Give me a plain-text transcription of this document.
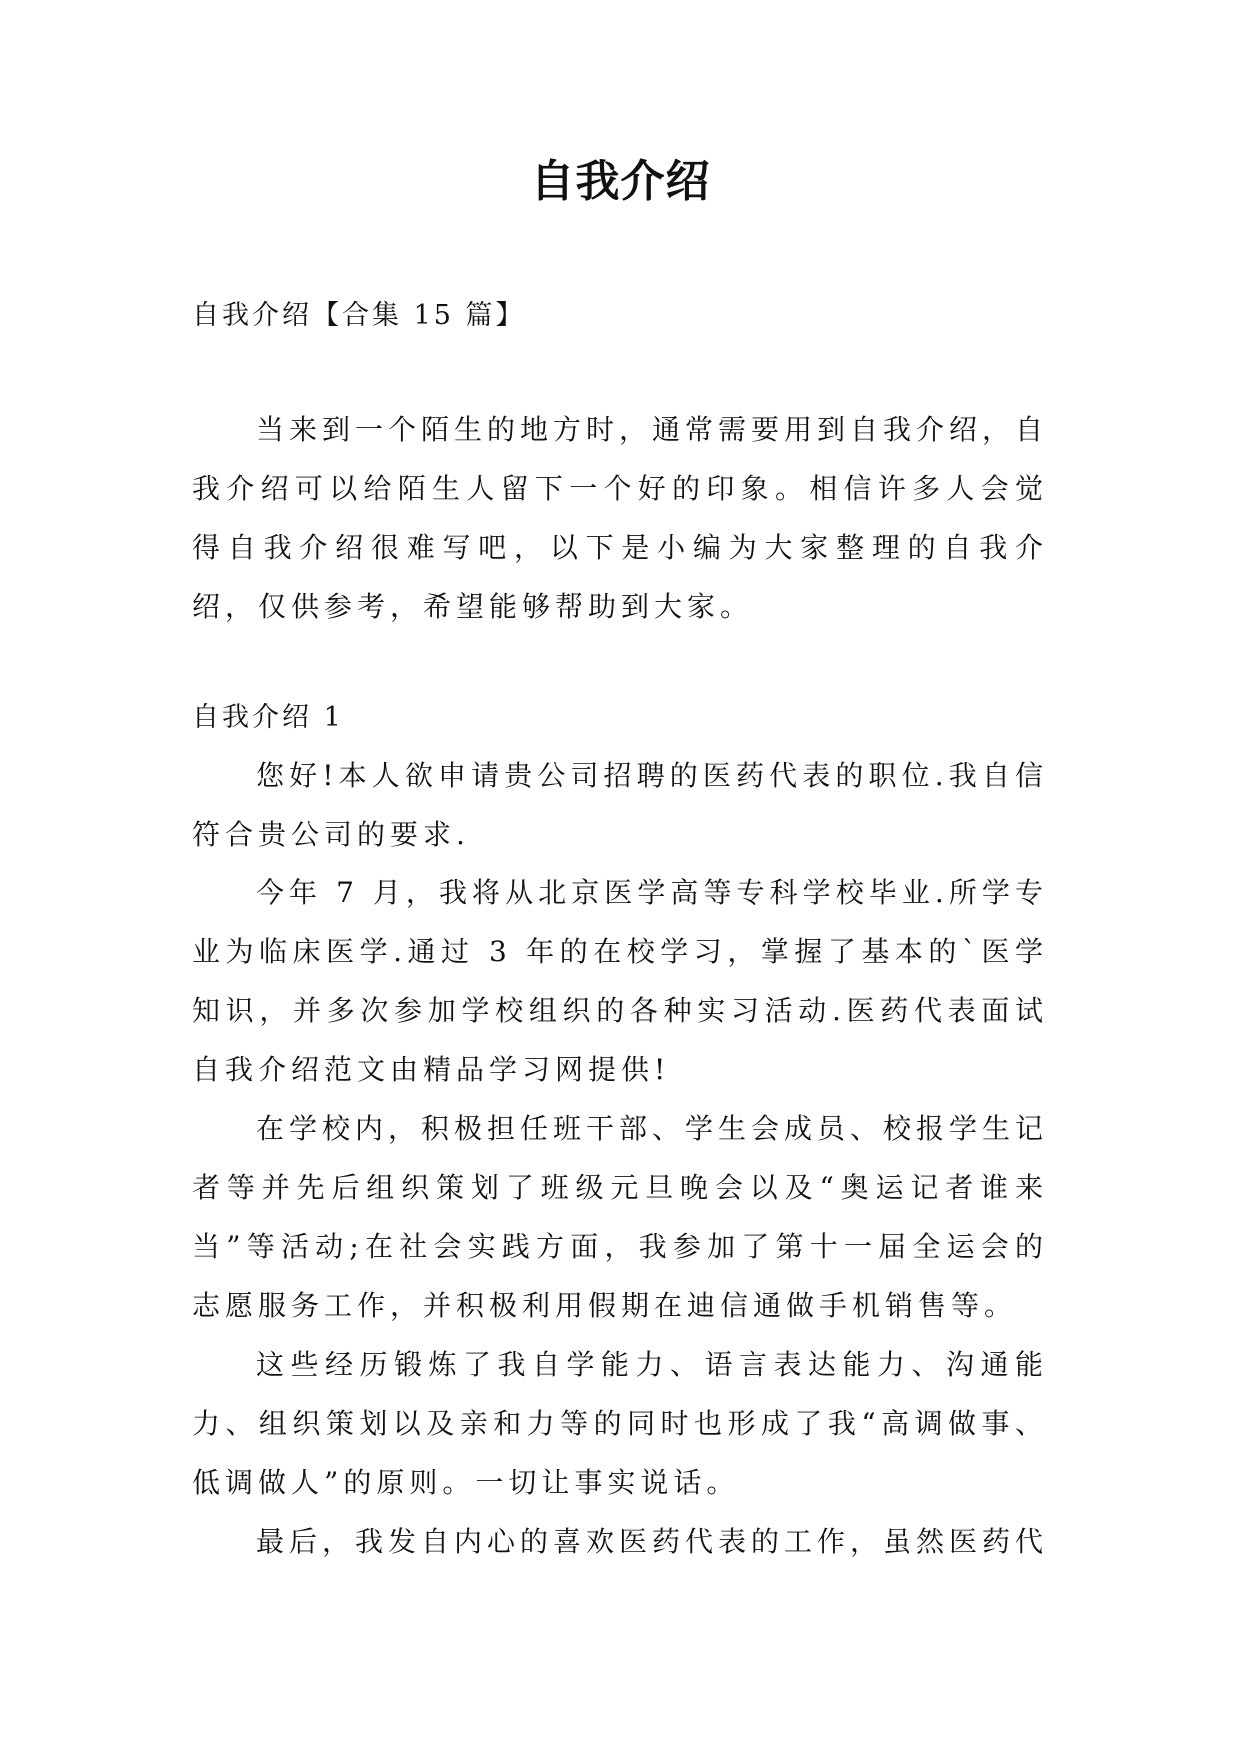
自我介绍
自我介绍【合集 15 篇】

当来到一个陌生的地方时，通常需要用到自我介绍，自我介绍可以给陌生人留下一个好的印象。相信许多人会觉得自我介绍很难写吧，以下是小编为大家整理的自我介绍，仅供参考，希望能够帮助到大家。

自我介绍 1

您好!本人欲申请贵公司招聘的医药代表的职位.我自信符合贵公司的要求.

今年 7 月，我将从北京医学高等专科学校毕业.所学专业为临床医学.通过 3 年的在校学习，掌握了基本的`医学知识，并多次参加学校组织的各种实习活动.医药代表面试自我介绍范文由精品学习网提供!

在学校内，积极担任班干部、学生会成员、校报学生记者等并先后组织策划了班级元旦晚会以及“奥运记者谁来当”等活动;在社会实践方面，我参加了第十一届全运会的志愿服务工作，并积极利用假期在迪信通做手机销售等。

这些经历锻炼了我自学能力、语言表达能力、沟通能力、组织策划以及亲和力等的同时也形成了我“高调做事、低调做人”的原则。一切让事实说话。

最后，我发自内心的喜欢医药代表的工作，虽然医药代
